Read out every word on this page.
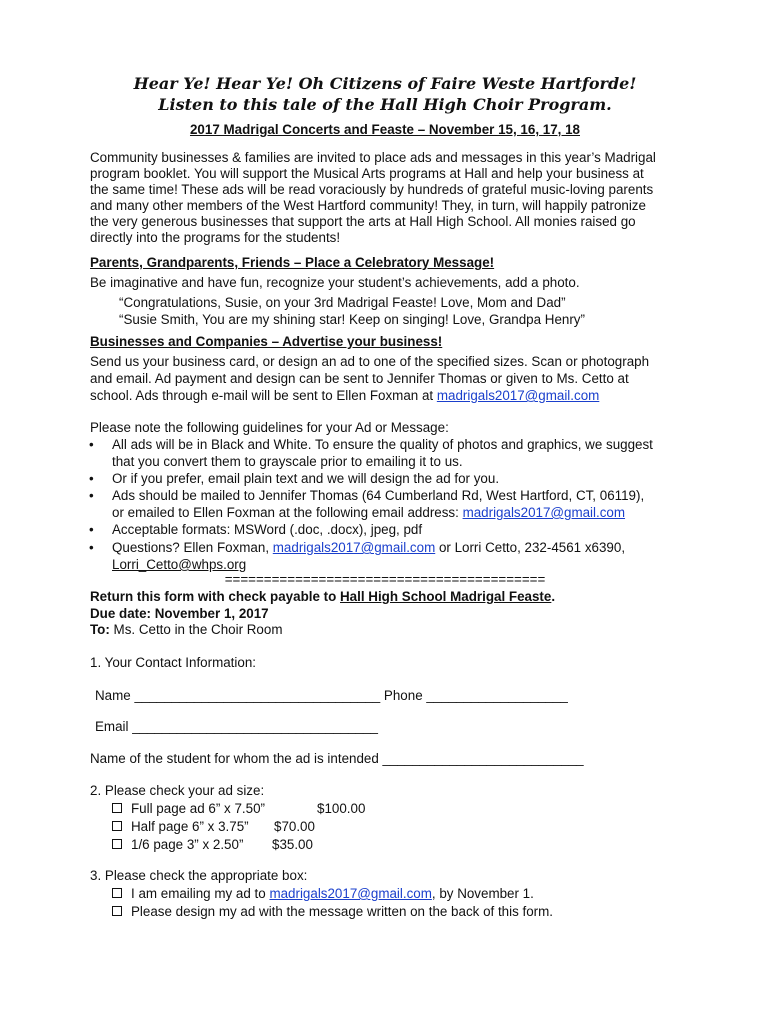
Hear Ye! Hear Ye! Oh Citizens of Faire Weste Hartforde!
Listen to this tale of the Hall High Choir Program.
2017 Madrigal Concerts and Feaste – November 15, 16, 17, 18
Community businesses & families are invited to place ads and messages in this year’s Madrigal
program booklet. You will support the Musical Arts programs at Hall and help your business at
the same time! These ads will be read voraciously by hundreds of grateful music-loving parents
and many other members of the West Hartford community! They, in turn, will happily patronize
the very generous businesses that support the arts at Hall High School. All monies raised go
directly into the programs for the students!
Parents, Grandparents, Friends – Place a Celebratory Message!
Be imaginative and have fun, recognize your student’s achievements, add a photo.
“Congratulations, Susie, on your 3rd Madrigal Feaste! Love, Mom and Dad”
“Susie Smith, You are my shining star! Keep on singing! Love, Grandpa Henry”
Businesses and Companies – Advertise your business!
Send us your business card, or design an ad to one of the specified sizes. Scan or photograph
and email. Ad payment and design can be sent to Jennifer Thomas or given to Ms. Cetto at
school. Ads through e-mail will be sent to Ellen Foxman at madrigals2017@gmail.com
Please note the following guidelines for your Ad or Message:
• All ads will be in Black and White. To ensure the quality of photos and graphics, we suggest
that you convert them to grayscale prior to emailing it to us.
• Or if you prefer, email plain text and we will design the ad for you.
• Ads should be mailed to Jennifer Thomas (64 Cumberland Rd, West Hartford, CT, 06119),
or emailed to Ellen Foxman at the following email address: madrigals2017@gmail.com
• Acceptable formats: MSWord (.doc, .docx), jpeg, pdf
• Questions? Ellen Foxman, madrigals2017@gmail.com or Lorri Cetto, 232-4561 x6390,
Lorri_Cetto@whps.org
=========================================
Return this form with check payable to Hall High School Madrigal Feaste.
Due date: November 1, 2017
To: Ms. Cetto in the Choir Room
1. Your Contact Information:
Name _________________________________ Phone ___________________
Email _________________________________
Name of the student for whom the ad is intended ___________________________
2. Please check your ad size:
Full page ad 6” x 7.50”	$100.00
Half page 6” x 3.75” $70.00
1/6 page 3” x 2.50” $35.00
3. Please check the appropriate box:
I am emailing my ad to madrigals2017@gmail.com, by November 1.
Please design my ad with the message written on the back of this form.
